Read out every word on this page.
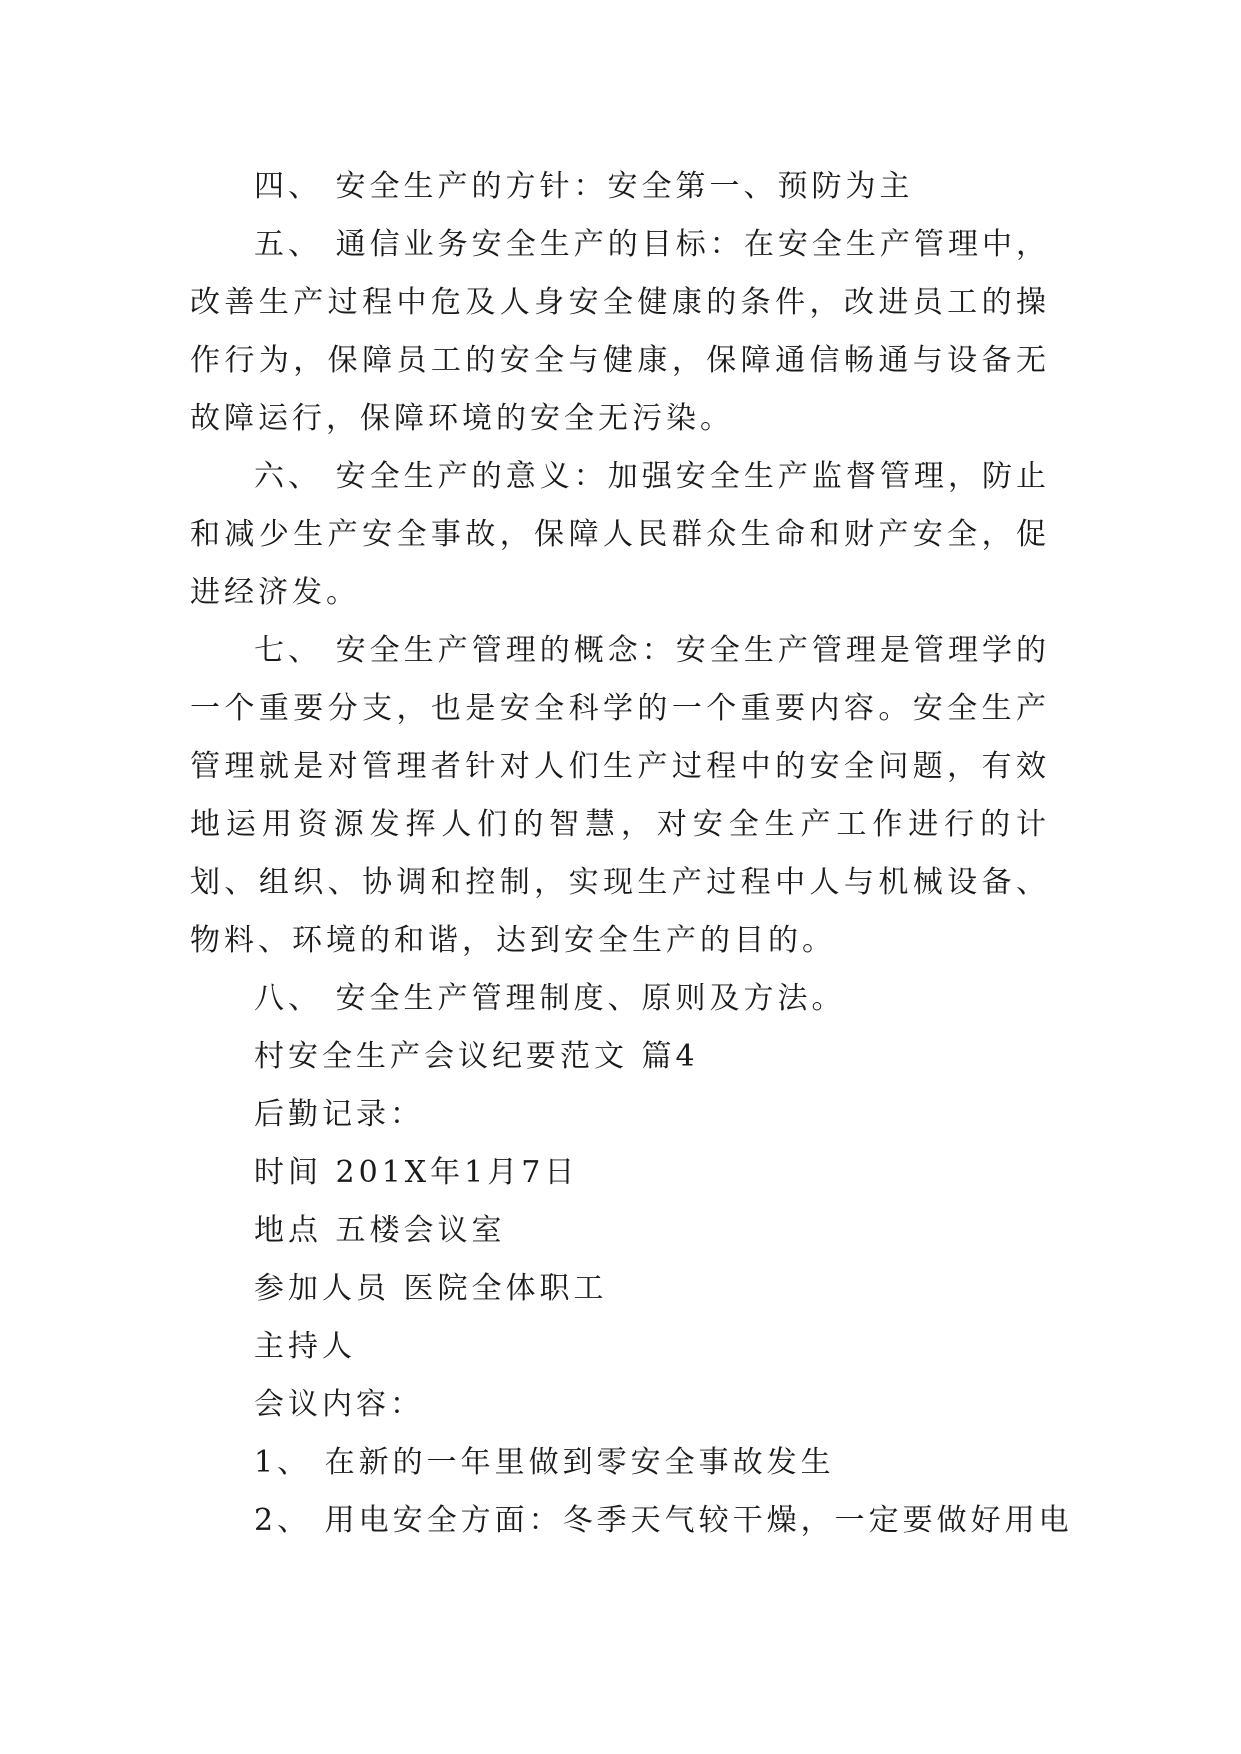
四、 安全生产的方针：安全第一、预防为主

五、 通信业务安全生产的目标：在安全生产管理中，改善生产过程中危及人身安全健康的条件，改进员工的操作行为，保障员工的安全与健康，保障通信畅通与设备无故障运行，保障环境的安全无污染。

六、 安全生产的意义：加强安全生产监督管理，防止和减少生产安全事故，保障人民群众生命和财产安全，促进经济发。

七、 安全生产管理的概念：安全生产管理是管理学的一个重要分支，也是安全科学的一个重要内容。安全生产管理就是对管理者针对人们生产过程中的安全问题，有效地运用资源发挥人们的智慧，对安全生产工作进行的计划、组织、协调和控制，实现生产过程中人与机械设备、物料、环境的和谐，达到安全生产的目的。

八、 安全生产管理制度、原则及方法。

村安全生产会议纪要范文 篇4

后勤记录：

时间 201X年1月7日

地点 五楼会议室

参加人员 医院全体职工

主持人

会议内容：

1、 在新的一年里做到零安全事故发生

2、 用电安全方面：冬季天气较干燥，一定要做好用电
